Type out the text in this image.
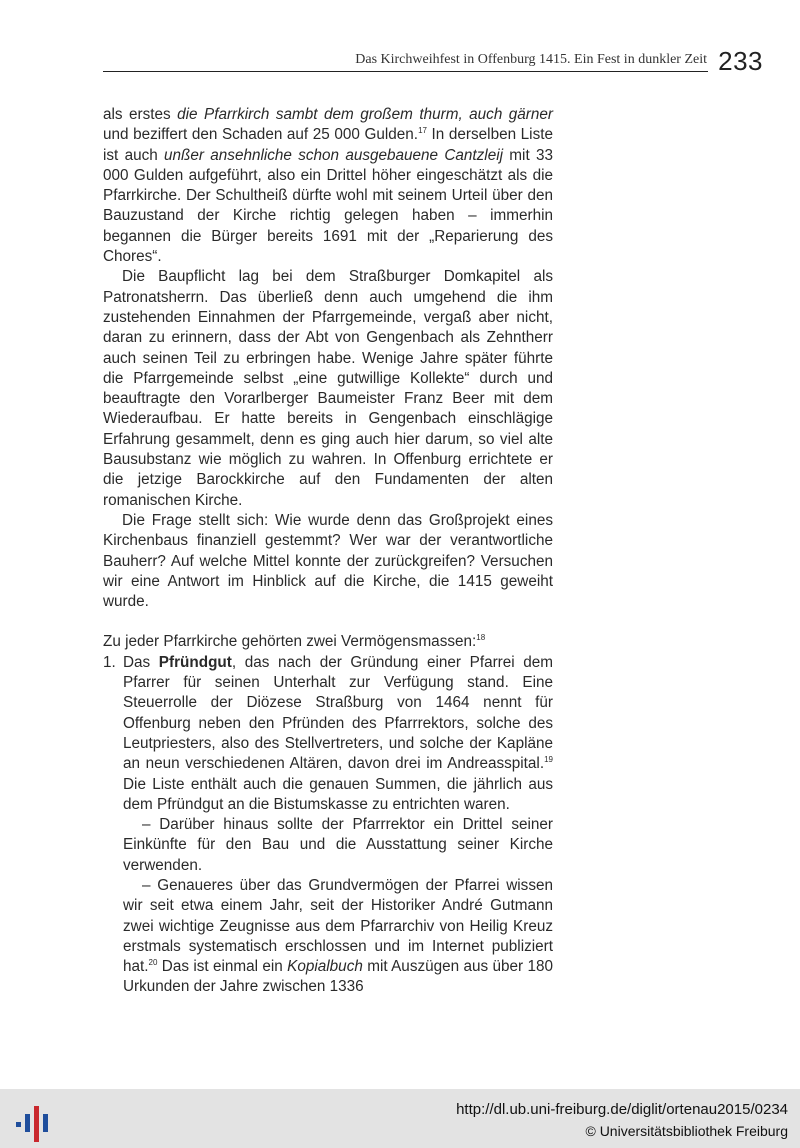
Das Kirchweihfest in Offenburg 1415. Ein Fest in dunkler Zeit 233

als erstes die Pfarrkirch sambt dem großem thurm, auch gärner und beziffert den Schaden auf 25 000 Gulden.$^{17}$ In derselben Liste ist auch unßer ansehnliche schon ausgebauene Cantzleij mit 33 000 Gulden aufgeführt, also ein Drittel höher eingeschätzt als die Pfarrkirche. Der Schultheiß dürfte wohl mit seinem Urteil über den Bauzustand der Kirche richtig gelegen haben – immerhin begannen die Bürger bereits 1691 mit der „Reparierung des Chores“.

Die Baupflicht lag bei dem Straßburger Domkapitel als Patronatsherrn. Das überließ denn auch umgehend die ihm zustehenden Einnahmen der Pfarrgemeinde, vergaß aber nicht, daran zu erinnern, dass der Abt von Gengenbach als Zehntherr auch seinen Teil zu erbringen habe. Wenige Jahre später führte die Pfarrgemeinde selbst „eine gutwillige Kollekte“ durch und beauftragte den Vorarlberger Baumeister Franz Beer mit dem Wiederaufbau. Er hatte bereits in Gengenbach einschlägige Erfahrung gesammelt, denn es ging auch hier darum, so viel alte Bausubstanz wie möglich zu wahren. In Offenburg errichtete er die jetzige Barockkirche auf den Fundamenten der alten romanischen Kirche.

Die Frage stellt sich: Wie wurde denn das Großprojekt eines Kirchenbaus finanziell gestemmt? Wer war der verantwortliche Bauherr? Auf welche Mittel konnte der zurückgreifen? Versuchen wir eine Antwort im Hinblick auf die Kirche, die 1415 geweiht wurde.

Zu jeder Pfarrkirche gehörten zwei Vermögensmassen:$^{18}$

1. Das Pfründgut, das nach der Gründung einer Pfarrei dem Pfarrer für seinen Unterhalt zur Verfügung stand. Eine Steuerrolle der Diözese Straßburg von 1464 nennt für Offenburg neben den Pfründen des Pfarrrektors, solche des Leutpriesters, also des Stellvertreters, und solche der Kapläne an neun verschiedenen Altären, davon drei im Andreasspital.$^{19}$ Die Liste enthält auch die genauen Summen, die jährlich aus dem Pfründgut an die Bistumskasse zu entrichten waren.

– Darüber hinaus sollte der Pfarrrektor ein Drittel seiner Einkünfte für den Bau und die Ausstattung seiner Kirche verwenden.

– Genaueres über das Grundvermögen der Pfarrei wissen wir seit etwa einem Jahr, seit der Historiker André Gutmann zwei wichtige Zeugnisse aus dem Pfarrarchiv von Heilig Kreuz erstmals systematisch erschlossen und im Internet publiziert hat.$^{20}$ Das ist einmal ein Kopialbuch mit Auszügen aus über 180 Urkunden der Jahre zwischen 1336

http://dl.ub.uni-freiburg.de/diglit/ortenau2015/0234
© Universitätsbibliothek Freiburg
